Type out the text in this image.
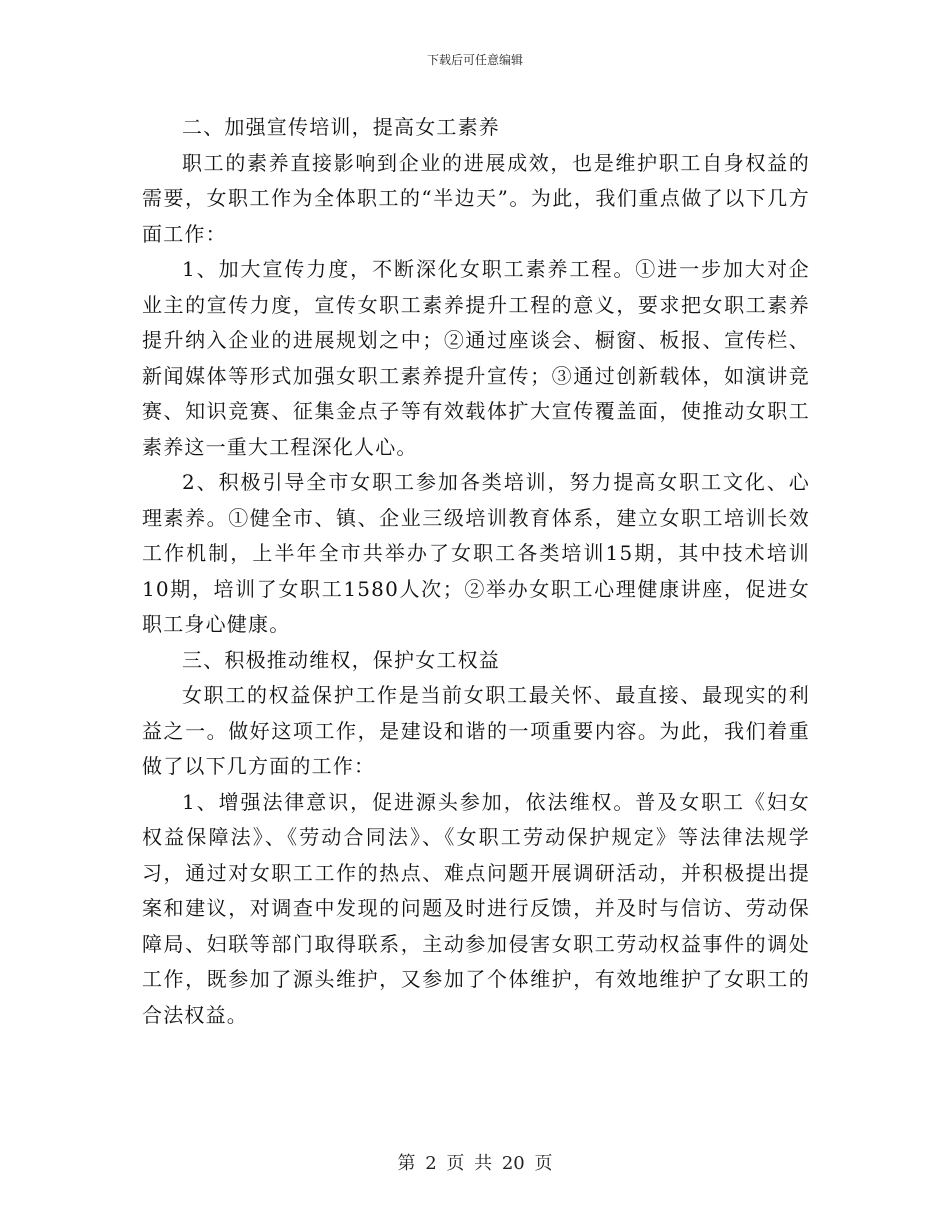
下载后可任意编辑

二、加强宣传培训，提高女工素养

职工的素养直接影响到企业的进展成效，也是维护职工自身权益的需要，女职工作为全体职工的“半边天”。为此，我们重点做了以下几方面工作：

1、加大宣传力度，不断深化女职工素养工程。①进一步加大对企业主的宣传力度，宣传女职工素养提升工程的意义，要求把女职工素养提升纳入企业的进展规划之中；②通过座谈会、橱窗、板报、宣传栏、新闻媒体等形式加强女职工素养提升宣传；③通过创新载体，如演讲竞赛、知识竞赛、征集金点子等有效载体扩大宣传覆盖面，使推动女职工素养这一重大工程深化人心。

2、积极引导全市女职工参加各类培训，努力提高女职工文化、心理素养。①健全市、镇、企业三级培训教育体系，建立女职工培训长效工作机制，上半年全市共举办了女职工各类培训15期，其中技术培训10期，培训了女职工1580人次；②举办女职工心理健康讲座，促进女职工身心健康。

三、积极推动维权，保护女工权益

女职工的权益保护工作是当前女职工最关怀、最直接、最现实的利益之一。做好这项工作，是建设和谐的一项重要内容。为此，我们着重做了以下几方面的工作：

1、增强法律意识，促进源头参加，依法维权。普及女职工《妇女权益保障法》、《劳动合同法》、《女职工劳动保护规定》等法律法规学习，通过对女职工工作的热点、难点问题开展调研活动，并积极提出提案和建议，对调查中发现的问题及时进行反馈，并及时与信访、劳动保障局、妇联等部门取得联系，主动参加侵害女职工劳动权益事件的调处工作，既参加了源头维护，又参加了个体维护，有效地维护了女职工的合法权益。

第 2 页 共 20 页
